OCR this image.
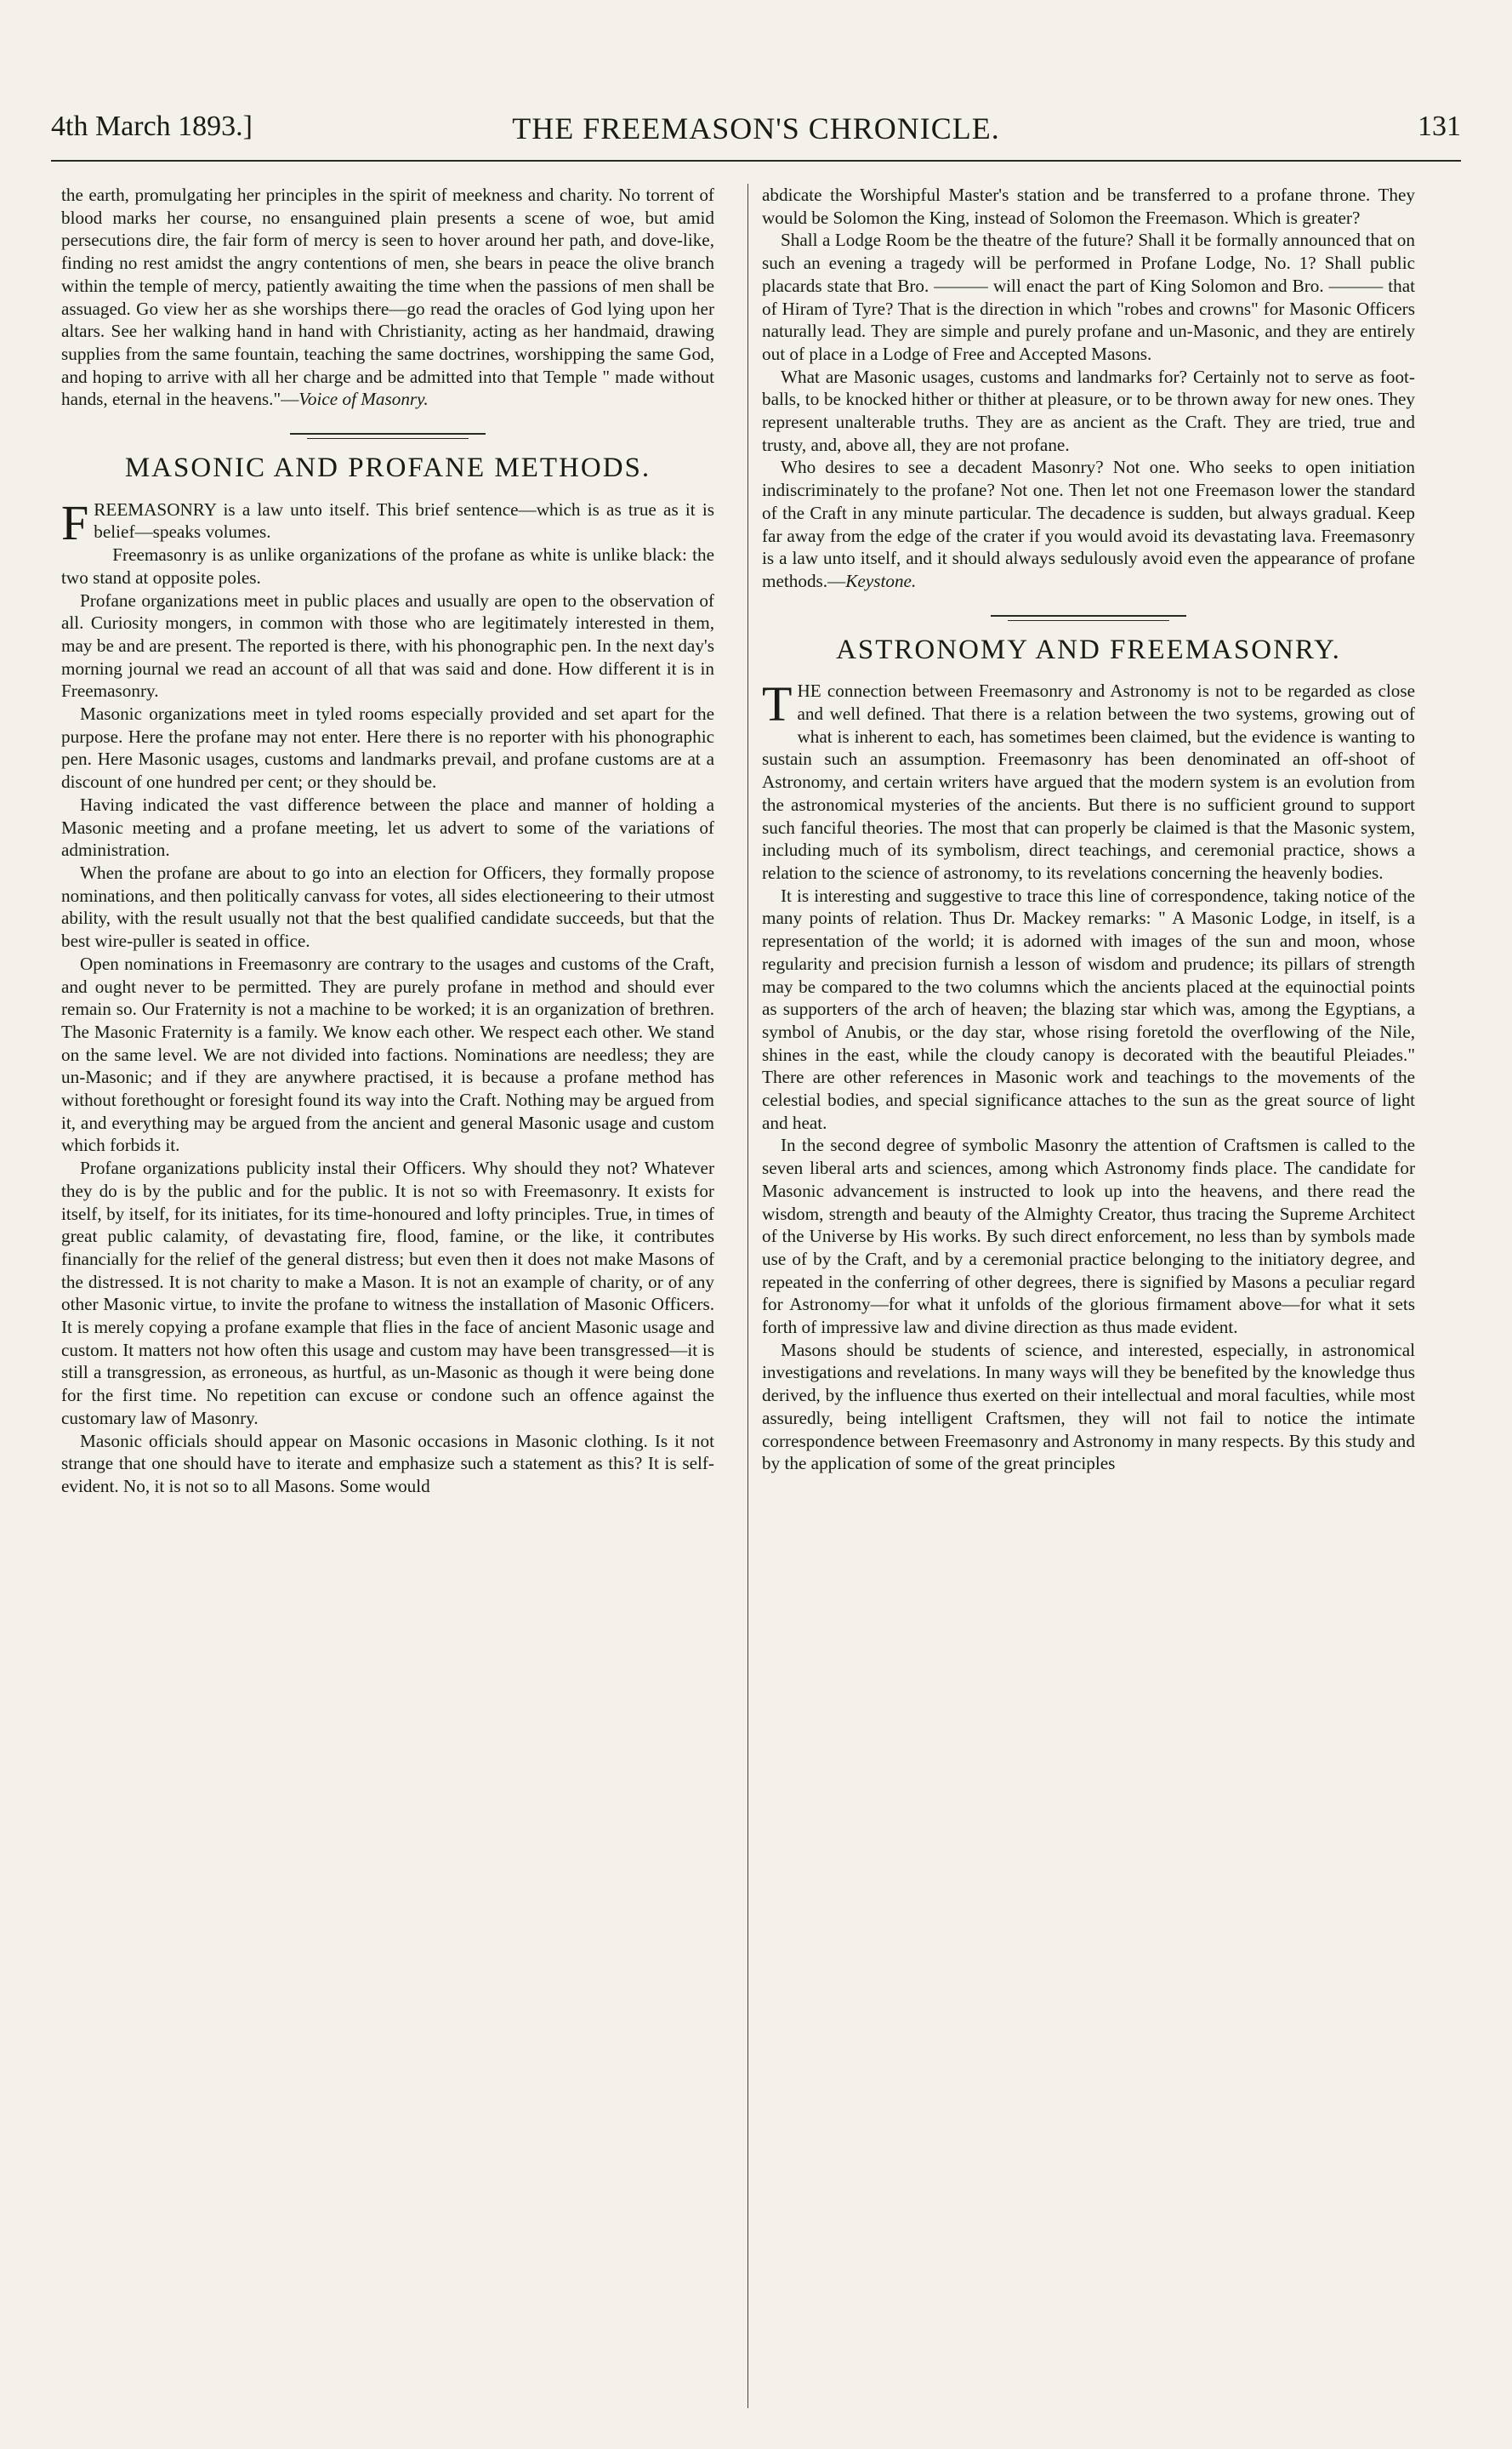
4th March 1893.]	THE FREEMASON'S CHRONICLE.	131

the earth, promulgating her principles in the spirit of meekness and charity. No torrent of blood marks her course, no ensanguined plain presents a scene of woe, but amid persecutions dire, the fair form of mercy is seen to hover around her path, and dove-like, finding no rest amidst the angry contentions of men, she bears in peace the olive branch within the temple of mercy, patiently awaiting the time when the passions of men shall be assuaged. Go view her as she worships there—go read the oracles of God lying upon her altars. See her walking hand in hand with Christianity, acting as her handmaid, drawing supplies from the same fountain, teaching the same doctrines, worshipping the same God, and hoping to arrive with all her charge and be admitted into that Temple " made without hands, eternal in the heavens."—Voice of Masonry.

MASONIC AND PROFANE METHODS.

FREEMASONRY is a law unto itself. This brief sentence—which is as true as it is belief—speaks volumes.

Freemasonry is as unlike organizations of the profane as white is unlike black: the two stand at opposite poles.

Profane organizations meet in public places and usually are open to the observation of all. Curiosity mongers, in common with those who are legitimately interested in them, may be and are present. The reported is there, with his phonographic pen. In the next day's morning journal we read an account of all that was said and done. How different it is in Freemasonry.

Masonic organizations meet in tyled rooms especially provided and set apart for the purpose. Here the profane may not enter. Here there is no reporter with his phonographic pen. Here Masonic usages, customs and landmarks prevail, and profane customs are at a discount of one hundred per cent; or they should be.

Having indicated the vast difference between the place and manner of holding a Masonic meeting and a profane meeting, let us advert to some of the variations of administration.

When the profane are about to go into an election for Officers, they formally propose nominations, and then politically canvass for votes, all sides electioneering to their utmost ability, with the result usually not that the best qualified candidate succeeds, but that the best wire-puller is seated in office.

Open nominations in Freemasonry are contrary to the usages and customs of the Craft, and ought never to be permitted. They are purely profane in method and should ever remain so. Our Fraternity is not a machine to be worked; it is an organization of brethren. The Masonic Fraternity is a family. We know each other. We respect each other. We stand on the same level. We are not divided into factions. Nominations are needless; they are un-Masonic; and if they are anywhere practised, it is because a profane method has without forethought or foresight found its way into the Craft. Nothing may be argued from it, and everything may be argued from the ancient and general Masonic usage and custom which forbids it.

Profane organizations publicity instal their Officers. Why should they not? Whatever they do is by the public and for the public. It is not so with Freemasonry. It exists for itself, by itself, for its initiates, for its time-honoured and lofty principles. True, in times of great public calamity, of devastating fire, flood, famine, or the like, it contributes financially for the relief of the general distress; but even then it does not make Masons of the distressed. It is not charity to make a Mason. It is not an example of charity, or of any other Masonic virtue, to invite the profane to witness the installation of Masonic Officers. It is merely copying a profane example that flies in the face of ancient Masonic usage and custom. It matters not how often this usage and custom may have been transgressed—it is still a transgression, as erroneous, as hurtful, as un-Masonic as though it were being done for the first time. No repetition can excuse or condone such an offence against the customary law of Masonry.

Masonic officials should appear on Masonic occasions in Masonic clothing. Is it not strange that one should have to iterate and emphasize such a statement as this? It is self-evident. No, it is not so to all Masons. Some would

abdicate the Worshipful Master's station and be transferred to a profane throne. They would be Solomon the King, instead of Solomon the Freemason. Which is greater?

Shall a Lodge Room be the theatre of the future? Shall it be formally announced that on such an evening a tragedy will be performed in Profane Lodge, No. 1? Shall public placards state that Bro. ——— will enact the part of King Solomon and Bro. ——— that of Hiram of Tyre? That is the direction in which "robes and crowns" for Masonic Officers naturally lead. They are simple and purely profane and un-Masonic, and they are entirely out of place in a Lodge of Free and Accepted Masons.

What are Masonic usages, customs and landmarks for? Certainly not to serve as foot-balls, to be knocked hither or thither at pleasure, or to be thrown away for new ones. They represent unalterable truths. They are as ancient as the Craft. They are tried, true and trusty, and, above all, they are not profane.

Who desires to see a decadent Masonry? Not one. Who seeks to open initiation indiscriminately to the profane? Not one. Then let not one Freemason lower the standard of the Craft in any minute particular. The decadence is sudden, but always gradual. Keep far away from the edge of the crater if you would avoid its devastating lava. Freemasonry is a law unto itself, and it should always sedulously avoid even the appearance of profane methods.—Keystone.

ASTRONOMY AND FREEMASONRY.

THE connection between Freemasonry and Astronomy is not to be regarded as close and well defined. That there is a relation between the two systems, growing out of what is inherent to each, has sometimes been claimed, but the evidence is wanting to sustain such an assumption. Freemasonry has been denominated an off-shoot of Astronomy, and certain writers have argued that the modern system is an evolution from the astronomical mysteries of the ancients. But there is no sufficient ground to support such fanciful theories. The most that can properly be claimed is that the Masonic system, including much of its symbolism, direct teachings, and ceremonial practice, shows a relation to the science of astronomy, to its revelations concerning the heavenly bodies.

It is interesting and suggestive to trace this line of correspondence, taking notice of the many points of relation. Thus Dr. Mackey remarks: " A Masonic Lodge, in itself, is a representation of the world; it is adorned with images of the sun and moon, whose regularity and precision furnish a lesson of wisdom and prudence; its pillars of strength may be compared to the two columns which the ancients placed at the equinoctial points as supporters of the arch of heaven; the blazing star which was, among the Egyptians, a symbol of Anubis, or the day star, whose rising foretold the overflowing of the Nile, shines in the east, while the cloudy canopy is decorated with the beautiful Pleiades." There are other references in Masonic work and teachings to the movements of the celestial bodies, and special significance attaches to the sun as the great source of light and heat.

In the second degree of symbolic Masonry the attention of Craftsmen is called to the seven liberal arts and sciences, among which Astronomy finds place. The candidate for Masonic advancement is instructed to look up into the heavens, and there read the wisdom, strength and beauty of the Almighty Creator, thus tracing the Supreme Architect of the Universe by His works. By such direct enforcement, no less than by symbols made use of by the Craft, and by a ceremonial practice belonging to the initiatory degree, and repeated in the conferring of other degrees, there is signified by Masons a peculiar regard for Astronomy—for what it unfolds of the glorious firmament above—for what it sets forth of impressive law and divine direction as thus made evident.

Masons should be students of science, and interested, especially, in astronomical investigations and revelations. In many ways will they be benefited by the knowledge thus derived, by the influence thus exerted on their intellectual and moral faculties, while most assuredly, being intelligent Craftsmen, they will not fail to notice the intimate correspondence between Freemasonry and Astronomy in many respects. By this study and by the application of some of the great principles
